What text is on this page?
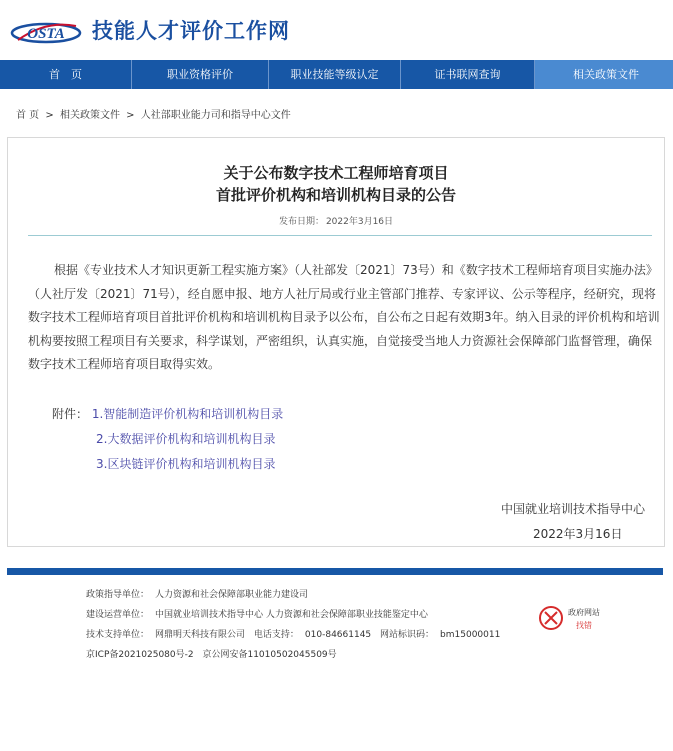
OSTA 技能人才评价工作网
首　页	职业资格评价	职业技能等级认定	证书联网查询	相关政策文件
首 页 > 相关政策文件 > 人社部职业能力司和指导中心文件
关于公布数字技术工程师培育项目
首批评价机构和培训机构目录的公告
发布日期： 2022年3月16日

根据《专业技术人才知识更新工程实施方案》（人社部发〔2021〕73号）和《数字技术工程师培育项目实施办法》（人社厅发〔2021〕71号），经自愿申报、地方人社厅局或行业主管部门推荐、专家评议、公示等程序，经研究，现将数字技术工程师培育项目首批评价机构和培训机构目录予以公布，自公布之日起有效期3年。纳入目录的评价机构和培训机构要按照工程项目有关要求，科学谋划，严密组织，认真实施，自觉接受当地人力资源社会保障部门监督管理，确保数字技术工程师培育项目取得实效。

附件： 1.智能制造评价机构和培训机构目录
2.大数据评价机构和培训机构目录
3.区块链评价机构和培训机构目录
中国就业培训技术指导中心
2022年3月16日
政策指导单位： 人力资源和社会保障部职业能力建设司
建设运营单位： 中国就业培训技术指导中心 人力资源和社会保障部职业技能鉴定中心
技术支持单位： 网鼎明天科技有限公司 电话支持： 010-84661145 网站标识码： bm15000011
京ICP备2021025080号-2 京公网安备11010502045509号
政府网站
找错
